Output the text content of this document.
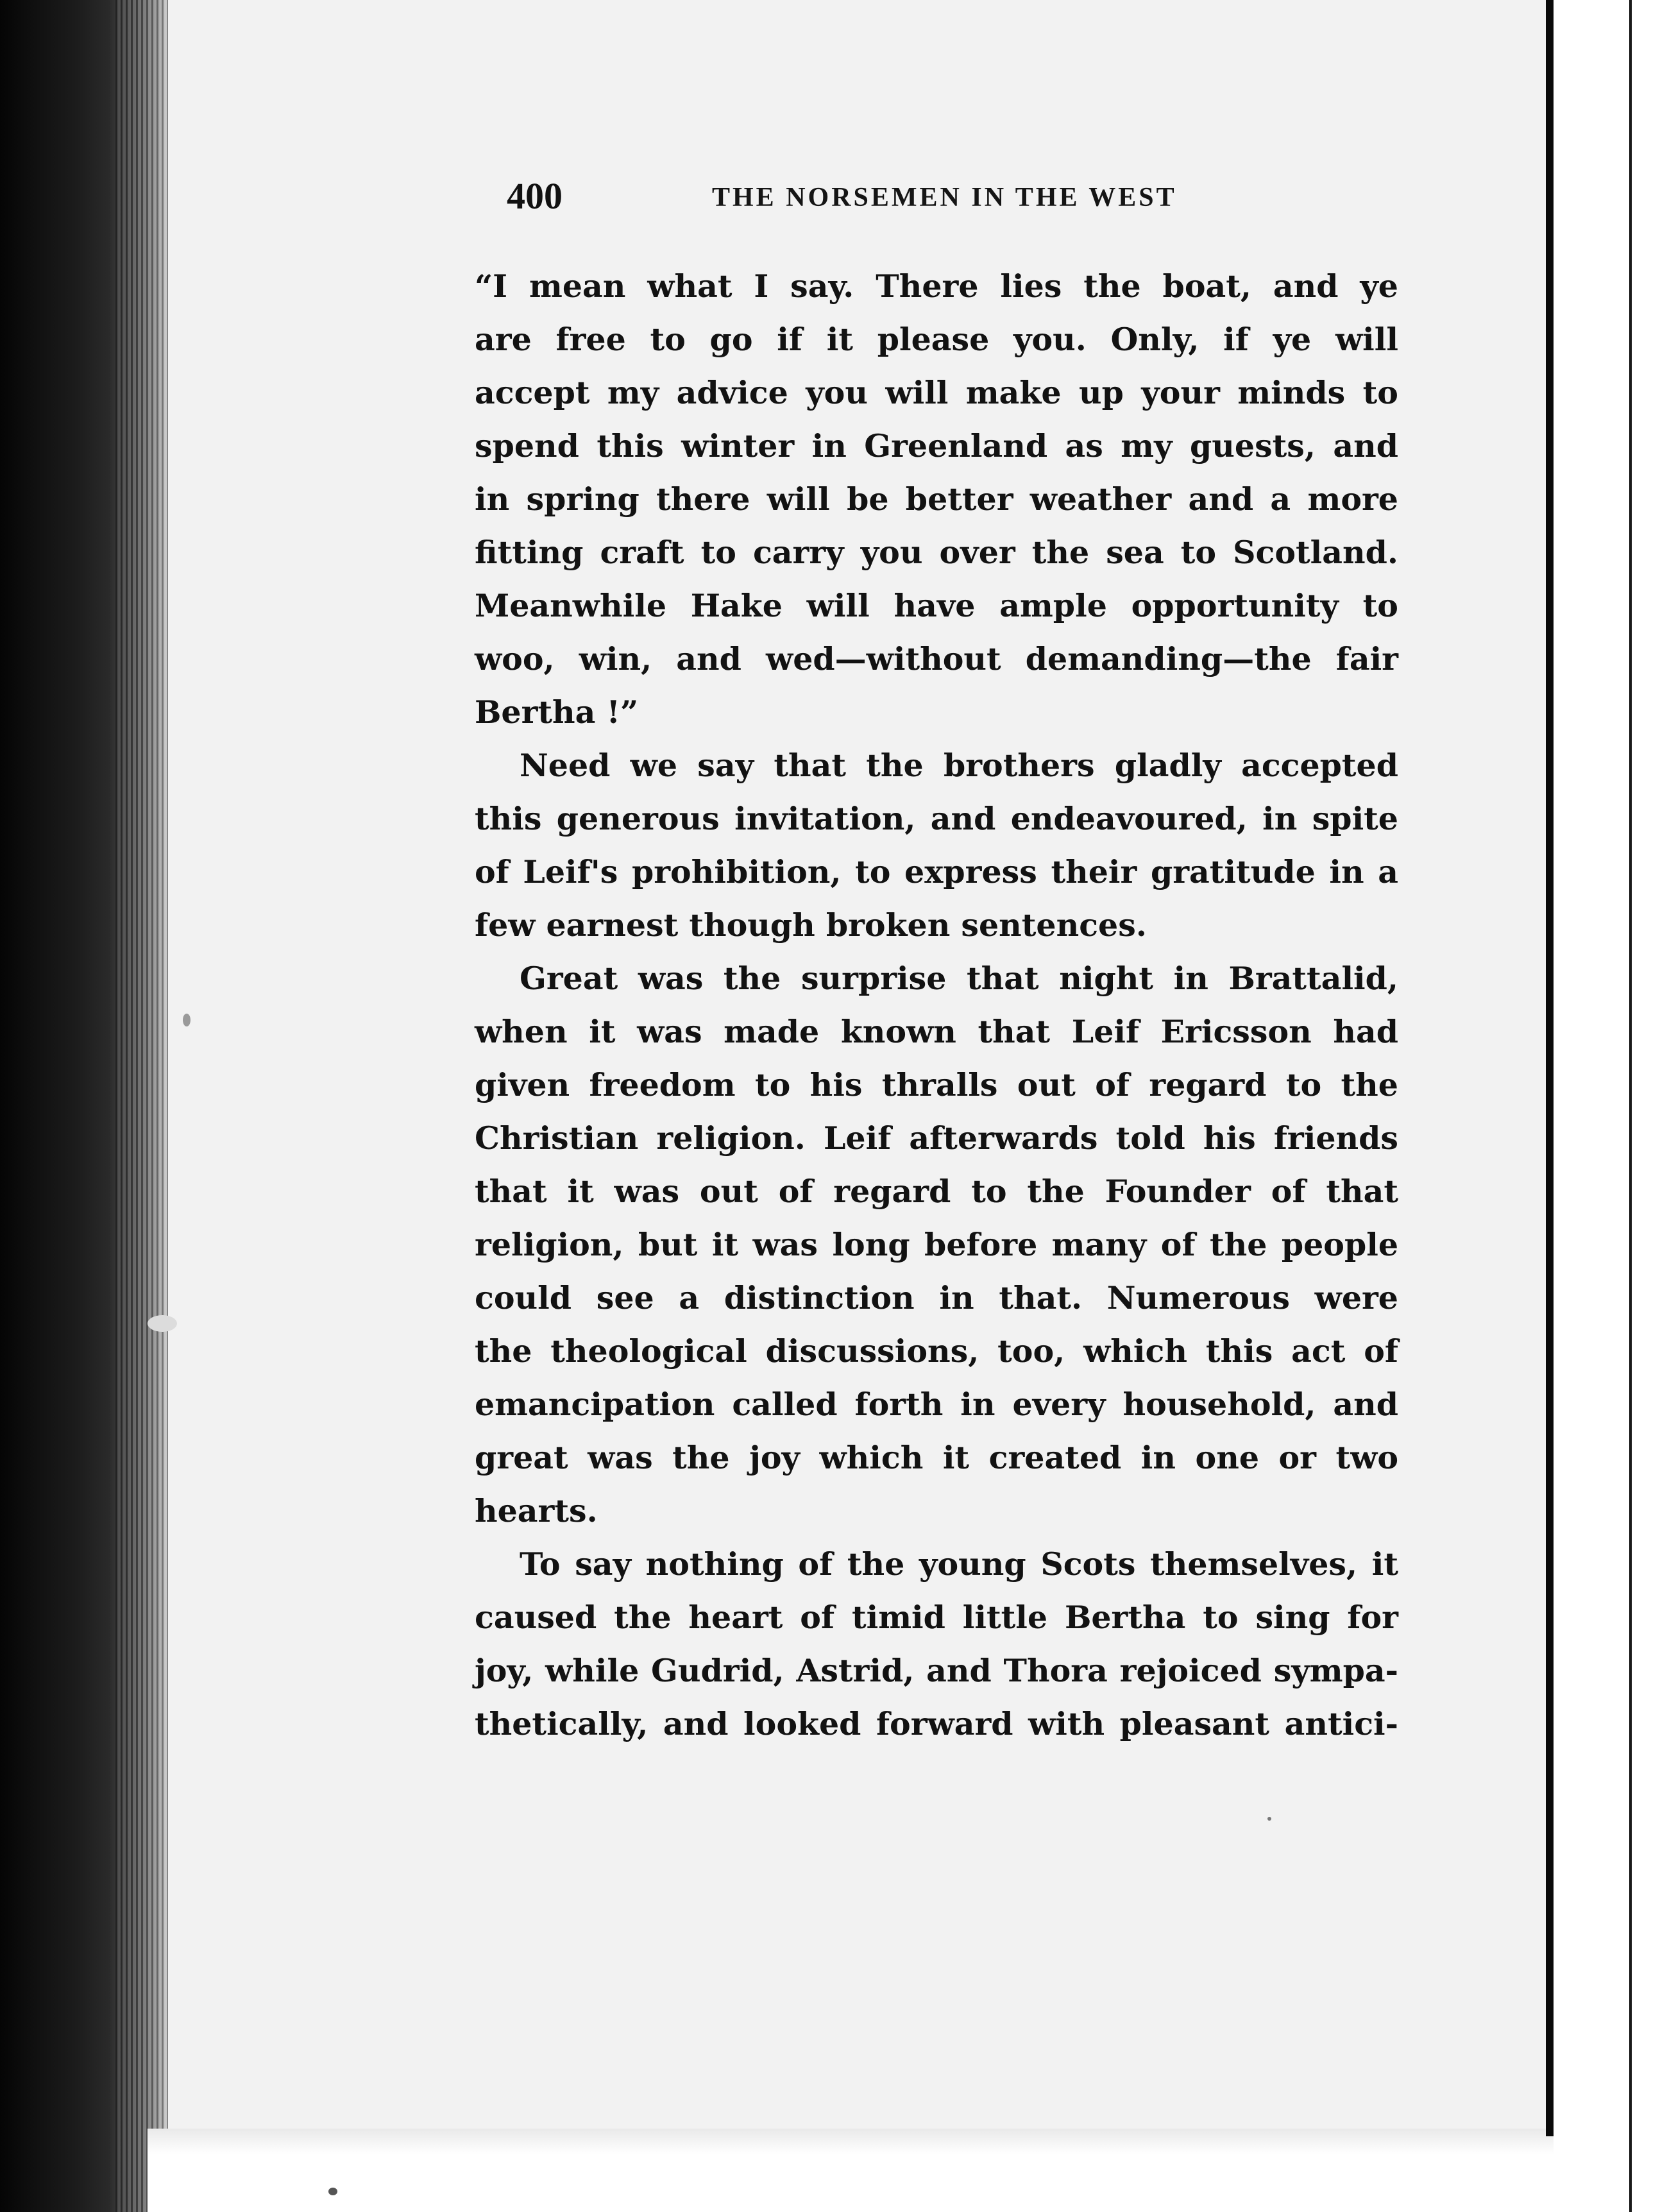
400	THE NORSEMEN IN THE WEST
“I mean what I say. There lies the boat, and ye
are free to go if it please you. Only, if ye will
accept my advice you will make up your minds to
spend this winter in Greenland as my guests, and
in spring there will be better weather and a more
fitting craft to carry you over the sea to Scotland.
Meanwhile Hake will have ample opportunity to
woo, win, and wed—without demanding—the fair
Bertha !”
Need we say that the brothers gladly accepted
this generous invitation, and endeavoured, in spite
of Leif's prohibition, to express their gratitude in a
few earnest though broken sentences.
Great was the surprise that night in Brattalid,
when it was made known that Leif Ericsson had
given freedom to his thralls out of regard to the
Christian religion. Leif afterwards told his friends
that it was out of regard to the Founder of that
religion, but it was long before many of the people
could see a distinction in that. Numerous were
the theological discussions, too, which this act of
emancipation called forth in every household, and
great was the joy which it created in one or two
hearts.
To say nothing of the young Scots themselves, it
caused the heart of timid little Bertha to sing for
joy, while Gudrid, Astrid, and Thora rejoiced sympa-
thetically, and looked forward with pleasant antici-
